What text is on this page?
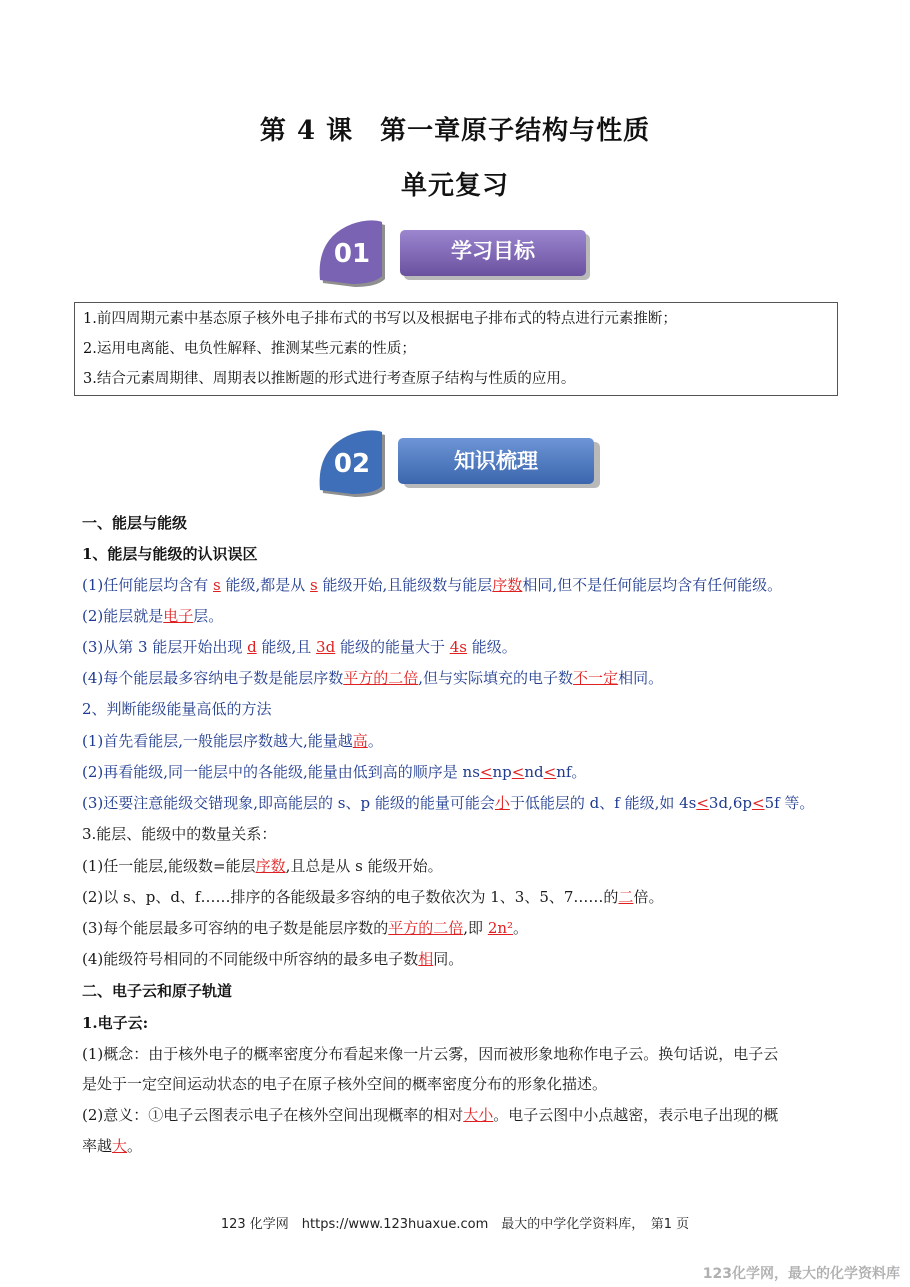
第 4 课　第一章原子结构与性质
单元复习
01	学习目标

1.前四周期元素中基态原子核外电子排布式的书写以及根据电子排布式的特点进行元素推断；

2.运用电离能、电负性解释、推测某些元素的性质；

3.结合元素周期律、周期表以推断题的形式进行考查原子结构与性质的应用。

02	知识梳理
一、能层与能级
1、能层与能级的认识误区
(1)任何能层均含有 s 能级,都是从 s 能级开始,且能级数与能层序数相同,但不是任何能层均含有任何能级。
(2)能层就是电子层。
(3)从第 3 能层开始出现 d 能级,且 3d 能级的能量大于 4s 能级。
(4)每个能层最多容纳电子数是能层序数平方的二倍,但与实际填充的电子数不一定相同。
2、判断能级能量高低的方法
(1)首先看能层,一般能层序数越大,能量越高。
(2)再看能级,同一能层中的各能级,能量由低到高的顺序是 ns<np<nd<nf。
(3)还要注意能级交错现象,即高能层的 s、p 能级的能量可能会小于低能层的 d、f 能级,如 4s<3d,6p<5f 等。
3.能层、能级中的数量关系：
(1)任一能层,能级数=能层序数,且总是从 s 能级开始。
(2)以 s、p、d、f……排序的各能级最多容纳的电子数依次为 1、3、5、7……的二倍。
(3)每个能层最多可容纳的电子数是能层序数的平方的二倍,即 2n²。
(4)能级符号相同的不同能级中所容纳的最多电子数相同。
二、电子云和原子轨道
1.电子云:
(1)概念：由于核外电子的概率密度分布看起来像一片云雾，因而被形象地称作电子云。换句话说，电子云
是处于一定空间运动状态的电子在原子核外空间的概率密度分布的形象化描述。
(2)意义：①电子云图表示电子在核外空间出现概率的相对大小。电子云图中小点越密，表示电子出现的概
率越大。
123 化学网　https://www.123huaxue.com　最大的中学化学资料库，　第1 页
123化学网，最大的化学资料库
